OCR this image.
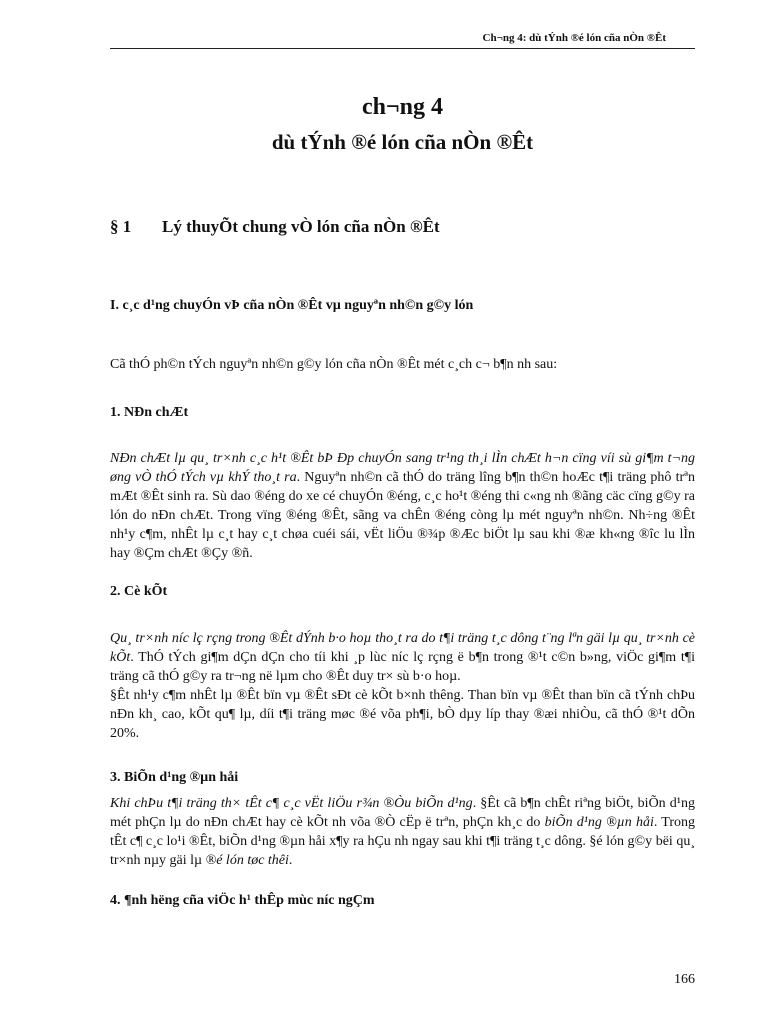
Ch¬ng 4: dù tÝnh ®é lón cña nÒn ®Êt
ch¬ng 4
dù tÝnh ®é lón cña nÒn ®Êt
§ 1 Lý thuyÕt chung vÒ lón cña nÒn ®Êt
I. c¸c d¹ng chuyÓn vÞ cña nÒn ®Êt vµ nguyªn nh©n g©y lón

Cã thÓ ph©n tÝch nguyªn nh©n g©y lón cña nÒn ®Êt mét c¸ch c¬ b¶n nh sau:

1. NÐn chÆt

NÐn chÆt lµ qu¸ tr×nh c¸c h¹t ®Êt bÞ Ðp chuyÓn sang tr¹ng th¸i lÌn chÆt h¬n cïng víi sù gi¶m t¬ng øng vÒ thÓ tÝch vµ khÝ tho¸t ra. Nguyªn nh©n cã thÓ do träng lîng b¶n th©n hoÆc t¶i träng phô trªn mÆt ®Êt sinh ra. Sù dao ®éng do xe cé chuyÓn ®éng, c¸c ho¹t ®éng thi c«ng nh ®ãng cäc cïng g©y ra lón do nÐn chÆt. Trong vïng ®éng ®Êt, sãng va chÊn ®éng còng lµ mét nguyªn nh©n. Nh÷ng ®Êt nh¹y c¶m, nhÊt lµ c¸t hay c¸t chøa cuéi sái, vËt liÖu ®¾p ®Æc biÖt lµ sau khi ®æ kh«ng ®îc lu lÌn hay ®Çm chÆt ®Çy ®ñ.

2. Cè kÕt

Qu¸ tr×nh níc lç rçng trong ®Êt dÝnh b·o hoµ tho¸t ra do t¶i träng t¸c dông t¨ng lªn gäi lµ qu¸ tr×nh cè kÕt. ThÓ tÝch gi¶m dÇn dÇn cho tíi khi ¸p lùc níc lç rçng ë b¶n trong ®¹t c©n b»ng, viÖc gi¶m t¶i träng cã thÓ g©y ra tr¬ng në lµm cho ®Êt duy tr× sù b·o hoµ.

§Êt nh¹y c¶m nhÊt lµ ®Êt bïn vµ ®Êt sÐt cè kÕt b×nh thêng. Than bïn vµ ®Êt than bïn cã tÝnh chÞu nÐn kh¸ cao, kÕt qu¶ lµ, díi t¶i träng møc ®é võa ph¶i, bÒ dµy líp thay ®æi nhiÒu, cã thÓ ®¹t dÕn 20%.

3. BiÕn d¹ng ®µn håi

Khi chÞu t¶i träng th× tÊt c¶ c¸c vËt liÖu r¾n ®Òu biÕn d¹ng. §Êt cã b¶n chÊt riªng biÖt, biÕn d¹ng mét phÇn lµ do nÐn chÆt hay cè kÕt nh võa ®Ò cËp ë trªn, phÇn kh¸c do biÕn d¹ng ®µn håi. Trong tÊt c¶ c¸c lo¹i ®Êt, biÕn d¹ng ®µn håi x¶y ra hÇu nh ngay sau khi t¶i träng t¸c dông. §é lón g©y bëi qu¸ tr×nh nµy gäi lµ ®é lón tøc thêi.

4. ¶nh hëng cña viÖc h¹ thÊp mùc níc ngÇm
166
